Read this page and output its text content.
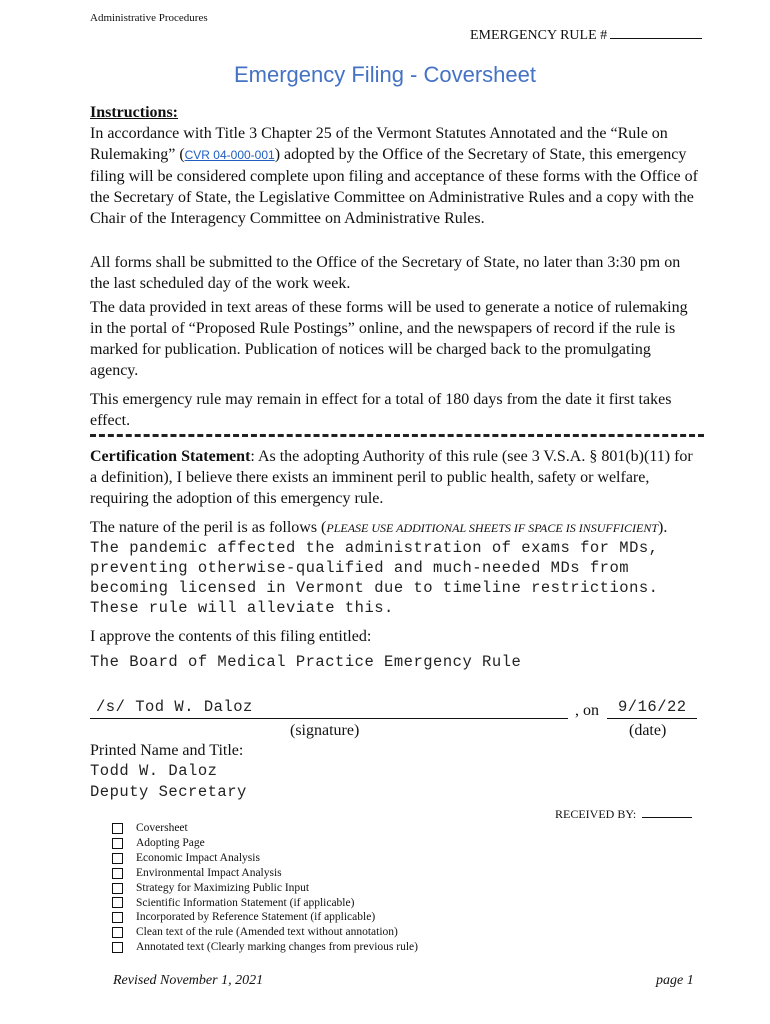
Administrative Procedures
EMERGENCY RULE #
Emergency Filing - Coversheet
Instructions:
In accordance with Title 3 Chapter 25 of the Vermont Statutes Annotated and the “Rule on Rulemaking” (CVR 04-000-001) adopted by the Office of the Secretary of State, this emergency filing will be considered complete upon filing and acceptance of these forms with the Office of the Secretary of State, the Legislative Committee on Administrative Rules and a copy with the Chair of the Interagency Committee on Administrative Rules.
All forms shall be submitted to the Office of the Secretary of State, no later than 3:30 pm on the last scheduled day of the work week.
The data provided in text areas of these forms will be used to generate a notice of rulemaking in the portal of “Proposed Rule Postings” online, and the newspapers of record if the rule is marked for publication. Publication of notices will be charged back to the promulgating agency.
This emergency rule may remain in effect for a total of 180 days from the date it first takes effect.
Certification Statement: As the adopting Authority of this rule (see 3 V.S.A. § 801(b)(11) for a definition), I believe there exists an imminent peril to public health, safety or welfare, requiring the adoption of this emergency rule.
The nature of the peril is as follows (PLEASE USE ADDITIONAL SHEETS IF SPACE IS INSUFFICIENT). The pandemic affected the administration of exams for MDs, preventing otherwise-qualified and much-needed MDs from becoming licensed in Vermont due to timeline restrictions. These rule will alleviate this.
I approve the contents of this filing entitled:
The Board of Medical Practice Emergency Rule
/s/ Tod W. Daloz	, on 9/16/22
(signature)	(date)
Printed Name and Title:
Todd W. Daloz
Deputy Secretary
RECEIVED BY:
Coversheet
Adopting Page
Economic Impact Analysis
Environmental Impact Analysis
Strategy for Maximizing Public Input
Scientific Information Statement (if applicable)
Incorporated by Reference Statement (if applicable)
Clean text of the rule (Amended text without annotation)
Annotated text (Clearly marking changes from previous rule)
Revised November 1, 2021	page 1
